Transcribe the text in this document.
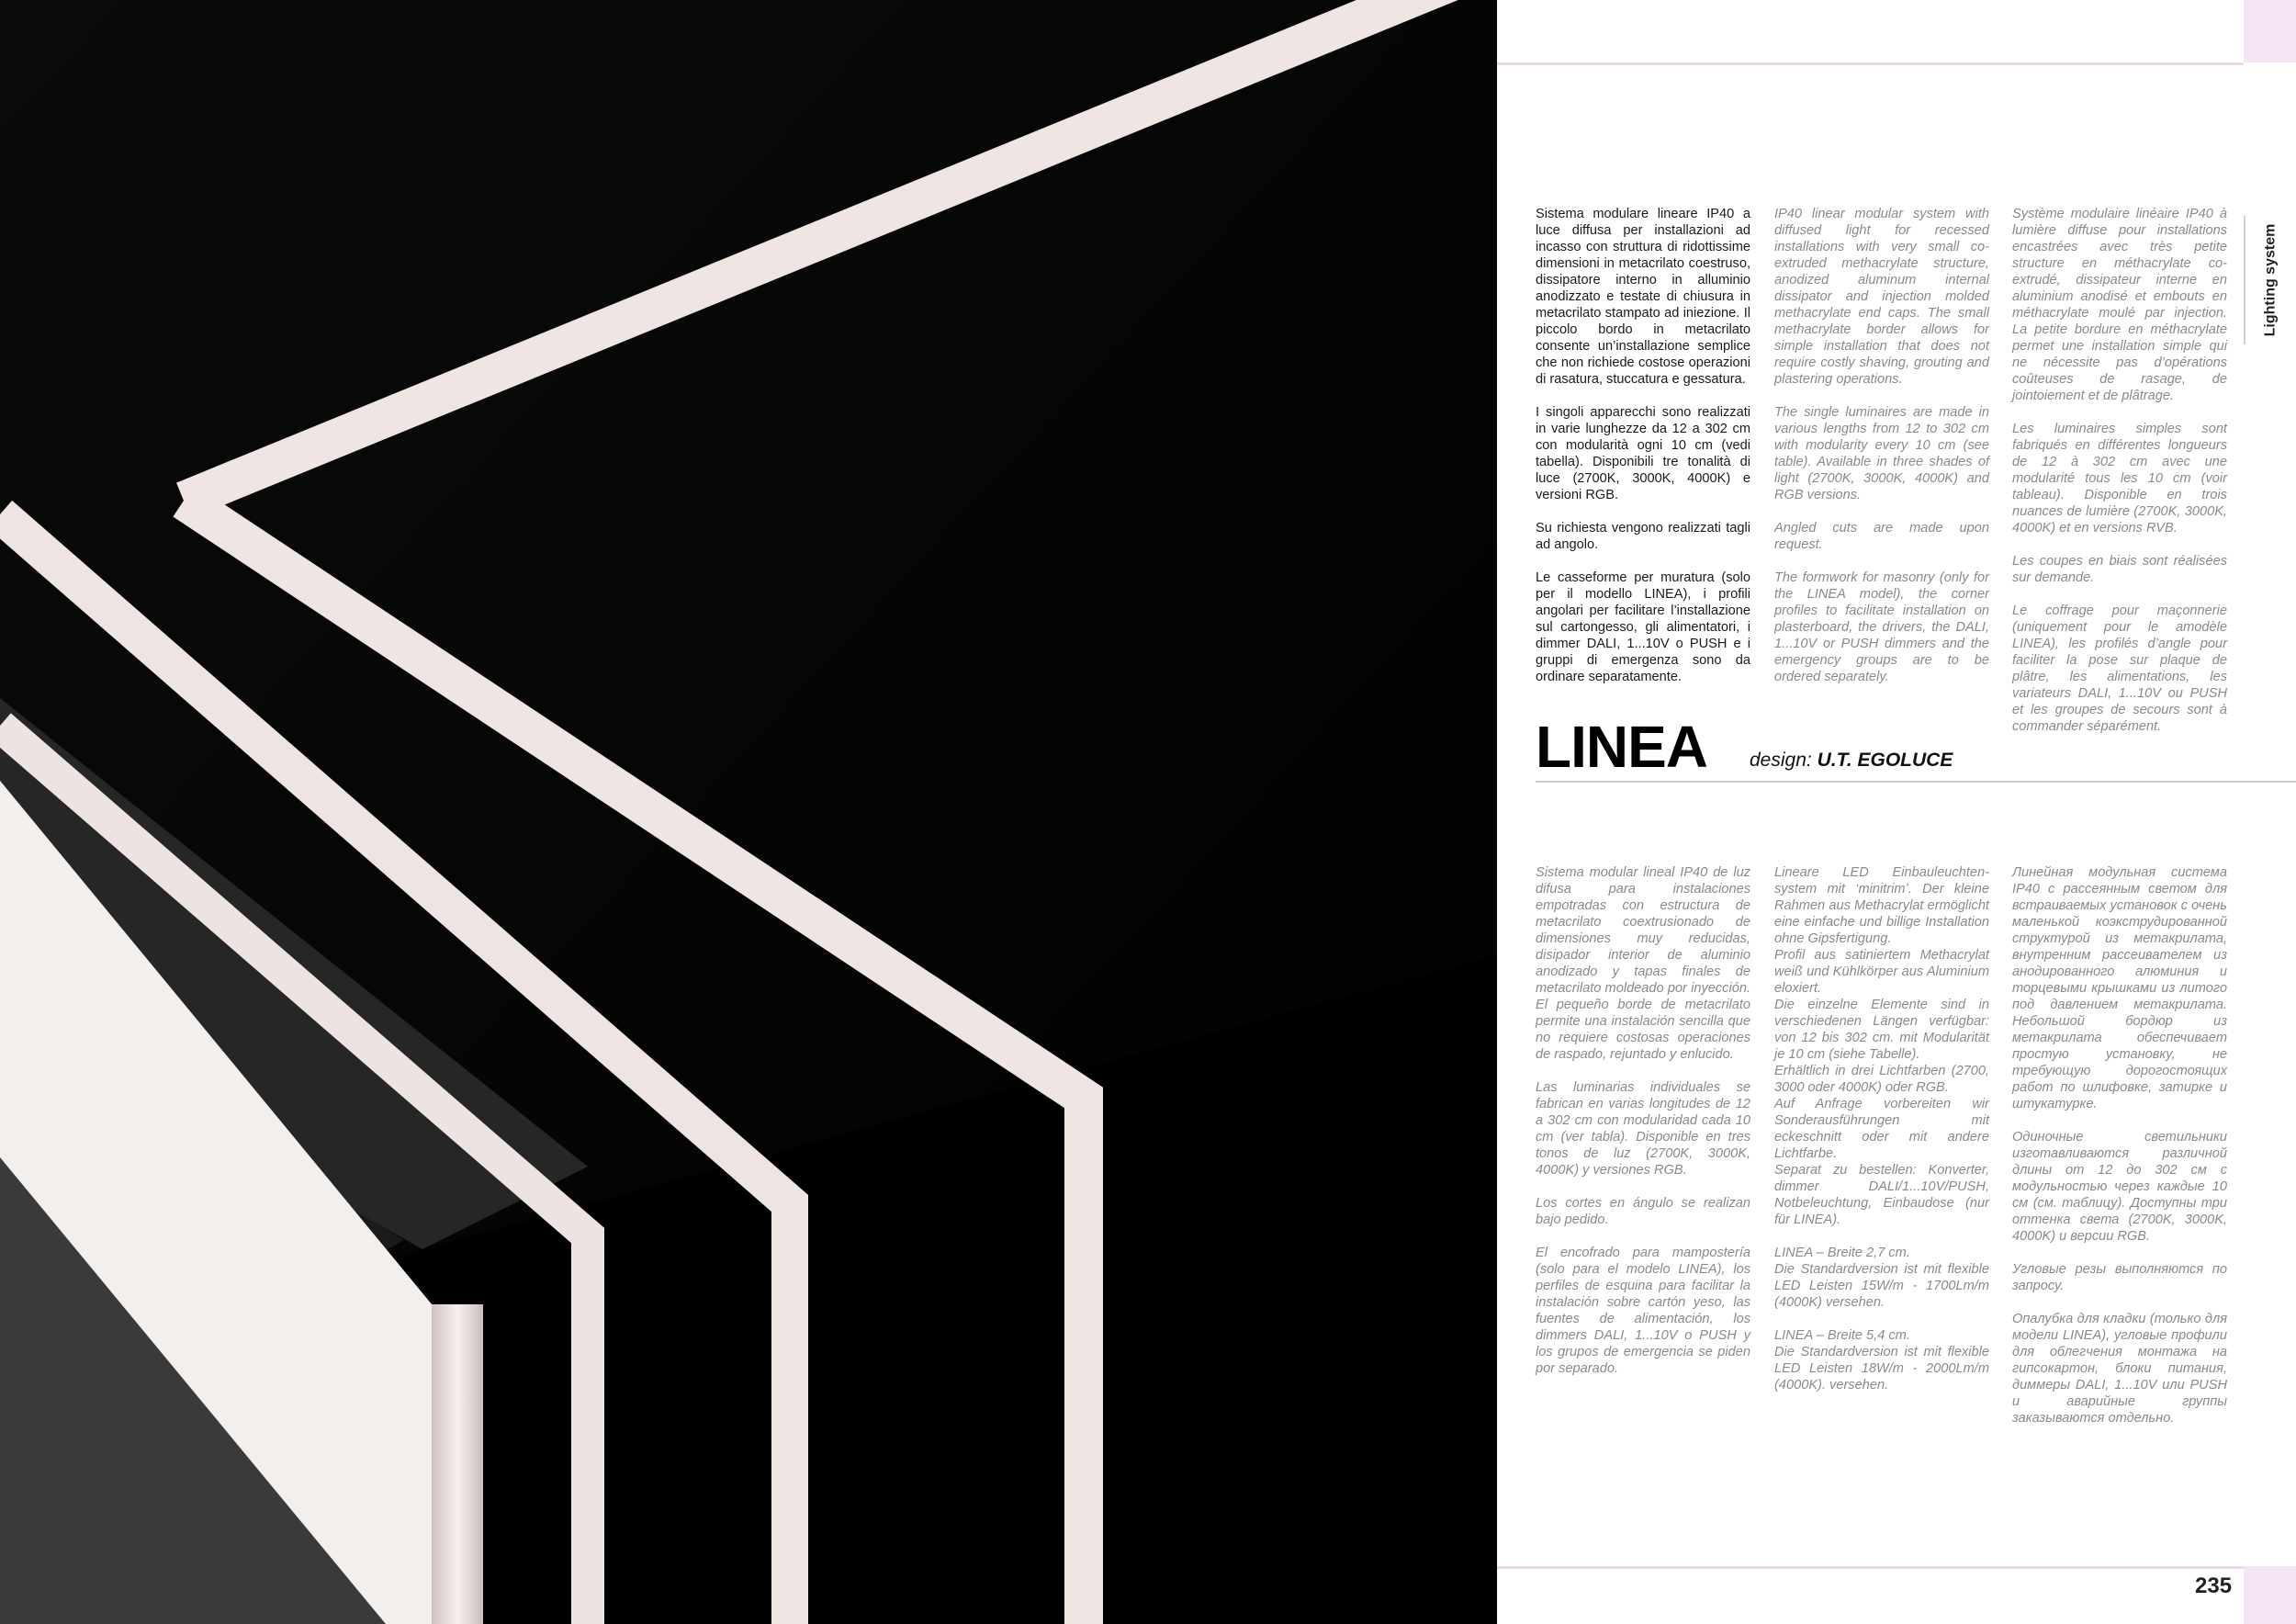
Lighting system
Sistema modulare lineare IP40 a luce diffusa per installazioni ad incasso con struttura di ridottissime dimensioni in metacrilato coestruso, dissipatore interno in alluminio anodizzato e testate di chiusura in metacrilato stampato ad iniezione. Il piccolo bordo in metacrilato consente un’installazione semplice che non richiede costose operazioni di rasatura, stuccatura e gessatura.

I singoli apparecchi sono realizzati in varie lunghezze da 12 a 302 cm con modularità ogni 10 cm (vedi tabella). Disponibili tre tonalità di luce (2700K, 3000K, 4000K) e versioni RGB.

Su richiesta vengono realizzati tagli ad angolo.

Le casseforme per muratura (solo per il modello LINEA), i profili angolari per facilitare l’installazione sul cartongesso, gli alimentatori, i dimmer DALI, 1...10V o PUSH e i gruppi di emergenza sono da ordinare separatamente.
IP40 linear modular system with diffused light for recessed installations with very small co-extruded methacrylate structure, anodized aluminum internal dissipator and injection molded methacrylate end caps. The small methacrylate border allows for simple installation that does not require costly shaving, grouting and plastering operations.

The single luminaires are made in various lengths from 12 to 302 cm with modularity every 10 cm (see table). Available in three shades of light (2700K, 3000K, 4000K) and RGB versions.

Angled cuts are made upon request.

The formwork for masonry (only for the LINEA model), the corner profiles to facilitate installation on plasterboard, the drivers, the DALI, 1...10V or PUSH dimmers and the emergency groups are to be ordered separately.
Système modulaire linéaire IP40 à lumière diffuse pour installations encastrées avec très petite structure en méthacrylate co-extrudé, dissipateur interne en aluminium anodisé et embouts en méthacrylate moulé par injection. La petite bordure en méthacrylate permet une installation simple qui ne nécessite pas d’opérations coûteuses de rasage, de jointoiement et de plâtrage.

Les luminaires simples sont fabriqués en différentes longueurs de 12 à 302 cm avec une modularité tous les 10 cm (voir tableau). Disponible en trois nuances de lumière (2700K, 3000K, 4000K) et en versions RVB.

Les coupes en biais sont réalisées sur demande.

Le coffrage pour maçonnerie (uniquement pour le amodèle LINEA), les profilés d’angle pour faciliter la pose sur plaque de plâtre, les alimentations, les variateurs DALI, 1...10V ou PUSH et les groupes de secours sont à commander séparément.
LINEA design: U.T. EGOLUCE
Sistema modular lineal IP40 de luz difusa para instalaciones empotradas con estructura de metacrilato coextrusionado de dimensiones muy reducidas, disipador interior de aluminio anodizado y tapas finales de metacrilato moldeado por inyección. El pequeño borde de metacrilato permite una instalación sencilla que no requiere costosas operaciones de raspado, rejuntado y enlucido.

Las luminarias individuales se fabrican en varias longitudes de 12 a 302 cm con modularidad cada 10 cm (ver tabla). Disponible en tres tonos de luz (2700K, 3000K, 4000K) y versiones RGB.

Los cortes en ángulo se realizan bajo pedido.

El encofrado para mampostería (solo para el modelo LINEA), los perfiles de esquina para facilitar la instalación sobre cartón yeso, las fuentes de alimentación, los dimmers DALI, 1...10V o PUSH y los grupos de emergencia se piden por separado.
Lineare LED Einbauleuchten-system mit ‘minitrim’. Der kleine Rahmen aus Methacrylat ermöglicht eine einfache und billige Installation ohne Gipsfertigung.
Profil aus satiniertem Methacrylat weiß und Kühlkörper aus Aluminium eloxiert.
Die einzelne Elemente sind in verschiedenen Längen verfügbar: von 12 bis 302 cm. mit Modularität je 10 cm (siehe Tabelle).
Erhältlich in drei Lichtfarben (2700, 3000 oder 4000K) oder RGB.
Auf Anfrage vorbereiten wir Sonderausführungen mit eckeschnitt oder mit andere Lichtfarbe.
Separat zu bestellen: Konverter, dimmer DALI/1...10V/PUSH, Notbeleuchtung, Einbaudose (nur für LINEA).

LINEA – Breite 2,7 cm.
Die Standardversion ist mit flexible LED Leisten 15W/m - 1700Lm/m (4000K) versehen.

LINEA – Breite 5,4 cm.
Die Standardversion ist mit flexible LED Leisten 18W/m - 2000Lm/m (4000K). versehen.
Линейная модульная система IP40 с рассеянным светом для встраиваемых установок с очень маленькой коэкструдированной структурой из метакрилата, внутренним рассеивателем из анодированного алюминия и торцевыми крышками из литого под давлением метакрилата. Небольшой бордюр из метакрилата обеспечивает простую установку, не требующую дорогостоящих работ по шлифовке, затирке и штукатурке.

Одиночные светильники изготавливаются различной длины от 12 до 302 см с модульностью через каждые 10 см (см. таблицу). Доступны три оттенка света (2700K, 3000K, 4000K) и версии RGB.

Угловые резы выполняются по запросу.

Опалубка для кладки (только для модели LINEA), угловые профили для облегчения монтажа на гипсокартон, блоки питания, диммеры DALI, 1...10V или PUSH и аварийные группы заказываются отдельно.
235
